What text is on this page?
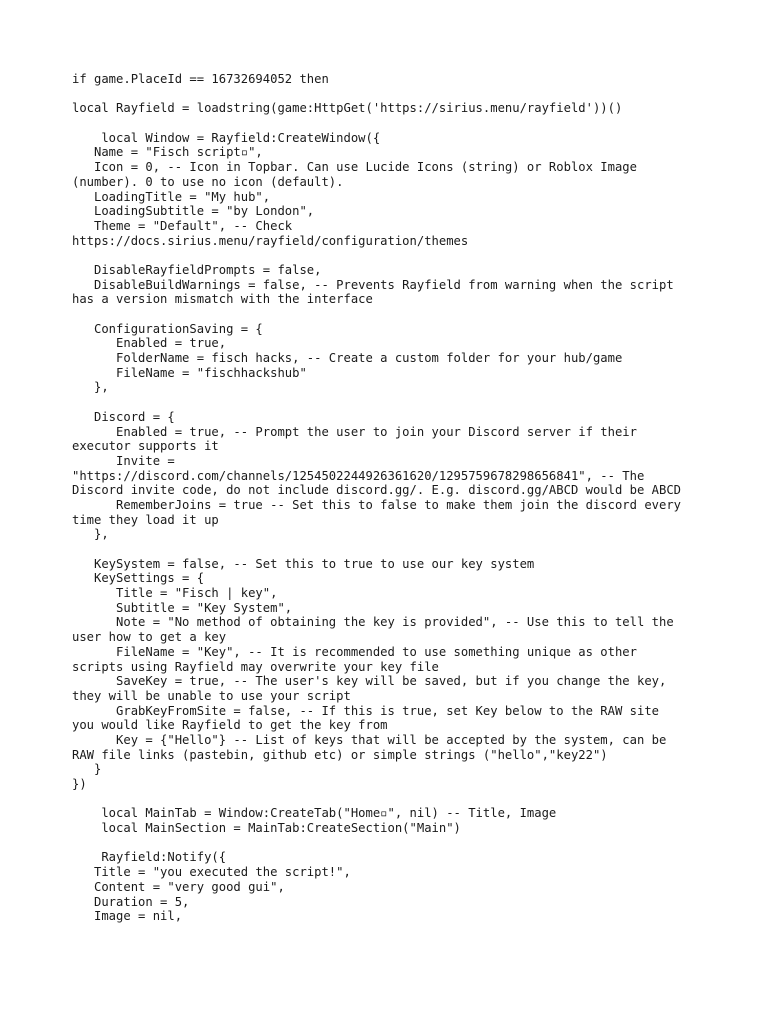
if game.PlaceId == 16732694052 then
local Rayfield = loadstring(game:HttpGet('https://sirius.menu/rayfield'))()
local Window = Rayfield:CreateWindow({
Name = "Fisch script▫",
Icon = 0, -- Icon in Topbar. Can use Lucide Icons (string) or Roblox Image
(number). 0 to use no icon (default).
LoadingTitle = "My hub",
LoadingSubtitle = "by London",
Theme = "Default", -- Check
https://docs.sirius.menu/rayfield/configuration/themes
DisableRayfieldPrompts = false,
DisableBuildWarnings = false, -- Prevents Rayfield from warning when the script
has a version mismatch with the interface
ConfigurationSaving = {
Enabled = true,
FolderName = fisch hacks, -- Create a custom folder for your hub/game
FileName = "fischhackshub"
},
Discord = {
Enabled = true, -- Prompt the user to join your Discord server if their
executor supports it
Invite =
"https://discord.com/channels/1254502244926361620/1295759678298656841", -- The
Discord invite code, do not include discord.gg/. E.g. discord.gg/ABCD would be ABCD
RememberJoins = true -- Set this to false to make them join the discord every
time they load it up
},
KeySystem = false, -- Set this to true to use our key system
KeySettings = {
Title = "Fisch | key",
Subtitle = "Key System",
Note = "No method of obtaining the key is provided", -- Use this to tell the
user how to get a key
FileName = "Key", -- It is recommended to use something unique as other
scripts using Rayfield may overwrite your key file
SaveKey = true, -- The user's key will be saved, but if you change the key,
they will be unable to use your script
GrabKeyFromSite = false, -- If this is true, set Key below to the RAW site
you would like Rayfield to get the key from
Key = {"Hello"} -- List of keys that will be accepted by the system, can be
RAW file links (pastebin, github etc) or simple strings ("hello","key22")
}
})
local MainTab = Window:CreateTab("Home▫", nil) -- Title, Image
local MainSection = MainTab:CreateSection("Main")
Rayfield:Notify({
Title = "you executed the script!",
Content = "very good gui",
Duration = 5,
Image = nil,
